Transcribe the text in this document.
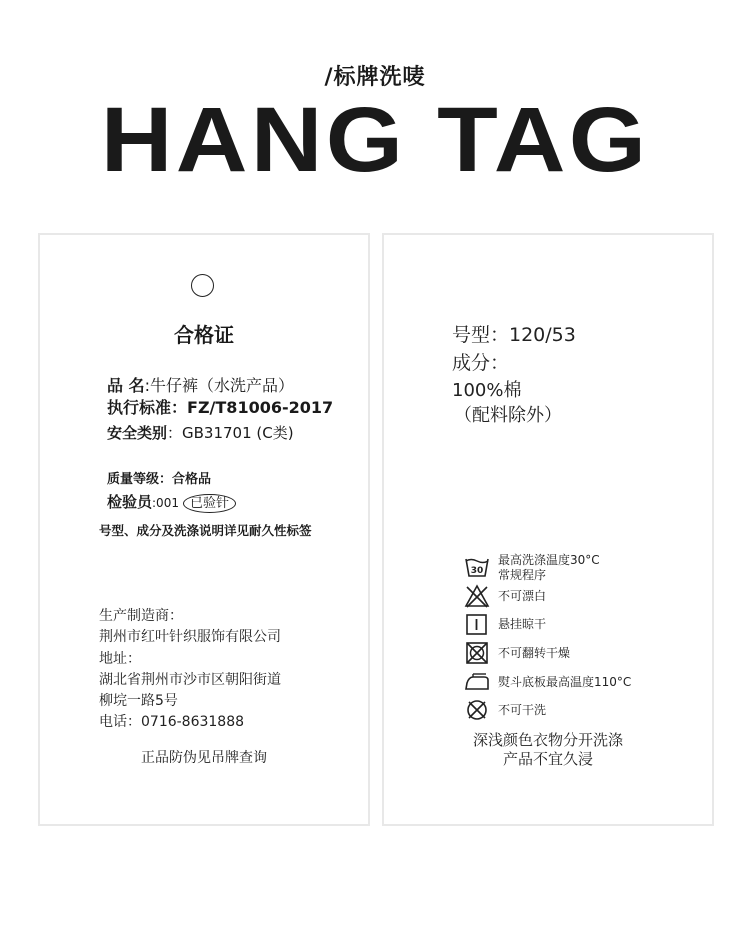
/标牌洗唛
HANG TAG
合格证
品 名:牛仔裤（水洗产品）
执行标准：FZ/T81006-2017
安全类别：GB31701 (C类)
质量等级：合格品
检验员:001 已验针
号型、成分及洗涤说明详见耐久性标签
生产制造商：
荆州市红叶针织服饰有限公司
地址：
湖北省荆州市沙市区朝阳街道
柳垸一路5号
电话：0716-8631888
正品防伪见吊牌查询
号型：120/53
成分：
100%棉
（配料除外）
30
最高洗涤温度30°C
常规程序
不可漂白
悬挂晾干
不可翻转干燥
熨斗底板最高温度110°C
不可干洗
深浅颜色衣物分开洗涤
产品不宜久浸
